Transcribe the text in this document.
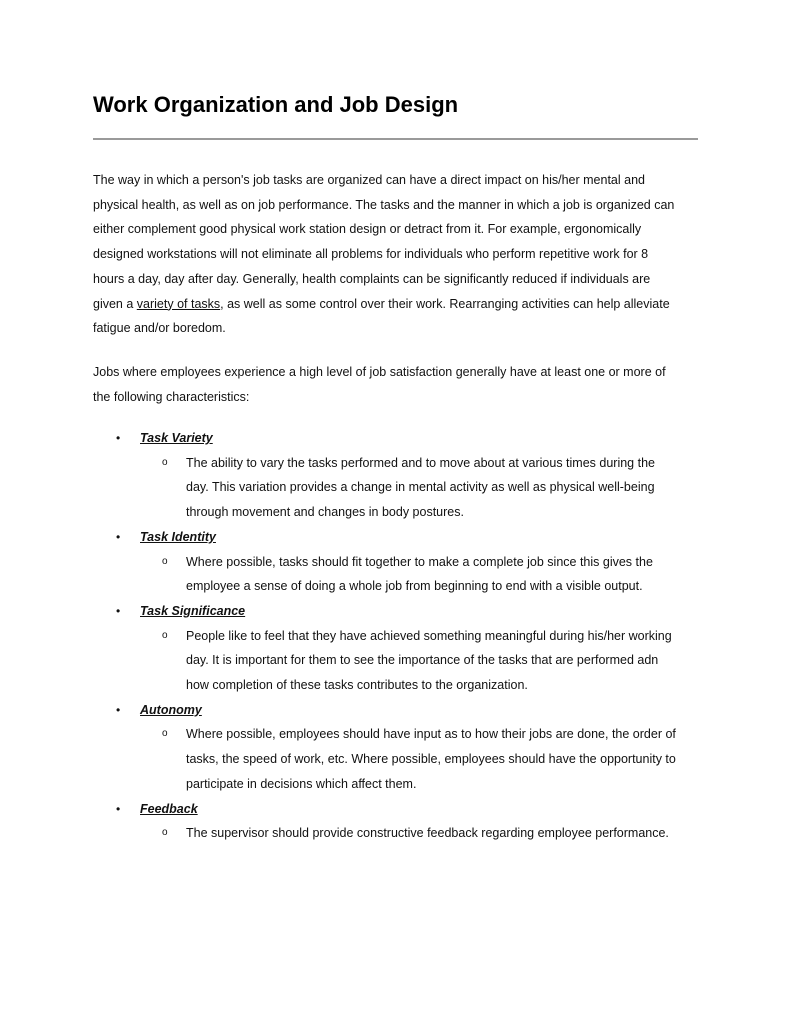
Work Organization and Job Design

The way in which a person's job tasks are organized can have a direct impact on his/her mental and
physical health, as well as on job performance. The tasks and the manner in which a job is organized can
either complement good physical work station design or detract from it. For example, ergonomically
designed workstations will not eliminate all problems for individuals who perform repetitive work for 8
hours a day, day after day. Generally, health complaints can be significantly reduced if individuals are
given a variety of tasks, as well as some control over their work. Rearranging activities can help alleviate
fatigue and/or boredom.

Jobs where employees experience a high level of job satisfaction generally have at least one or more of
the following characteristics:

•	Task Variety
o The ability to vary the tasks performed and to move about at various times during the
day. This variation provides a change in mental activity as well as physical well-being
through movement and changes in body postures.
•	Task Identity
o Where possible, tasks should fit together to make a complete job since this gives the
employee a sense of doing a whole job from beginning to end with a visible output.
•	Task Significance
o People like to feel that they have achieved something meaningful during his/her working
day. It is important for them to see the importance of the tasks that are performed adn
how completion of these tasks contributes to the organization.
•	Autonomy
o Where possible, employees should have input as to how their jobs are done, the order of
tasks, the speed of work, etc. Where possible, employees should have the opportunity to
participate in decisions which affect them.
•	Feedback
o The supervisor should provide constructive feedback regarding employee performance.
